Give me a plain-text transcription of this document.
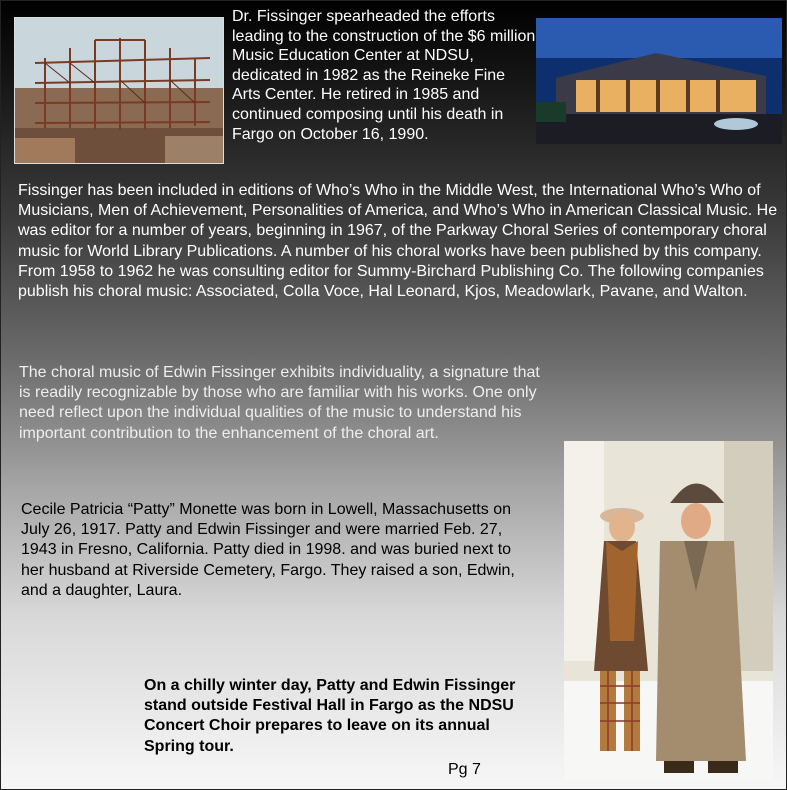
Dr. Fissinger spearheaded the efforts leading to the construction of the $6 million Music Education Center at NDSU, dedicated in 1982 as the Reineke Fine Arts Center. He retired in 1985 and continued composing until his death in Fargo on October 16, 1990.

Fissinger has been included in editions of Who’s Who in the Middle West, the International Who’s Who of Musicians, Men of Achievement, Personalities of America, and Who’s Who in American Classical Music. He was editor for a number of years, beginning in 1967, of the Parkway Choral Series of contemporary choral music for World Library Publications. A number of his choral works have been published by this company. From 1958 to 1962 he was consulting editor for Summy-Birchard Publishing Co. The following companies publish his choral music: Associated, Colla Voce, Hal Leonard, Kjos, Meadowlark, Pavane, and Walton.

The choral music of Edwin Fissinger exhibits individuality, a signature that is readily recognizable by those who are familiar with his works. One only need reflect upon the individual qualities of the music to understand his important contribution to the enhancement of the choral art.

Cecile Patricia “Patty” Monette was born in Lowell, Massachusetts on July 26, 1917. Patty and Edwin Fissinger and were married Feb. 27, 1943 in Fresno, California. Patty died in 1998. and was buried next to her husband at Riverside Cemetery, Fargo. They raised a son, Edwin, and a daughter, Laura.

On a chilly winter day, Patty and Edwin Fissinger stand outside Festival Hall in Fargo as the NDSU Concert Choir prepares to leave on its annual Spring tour.

Pg 7
